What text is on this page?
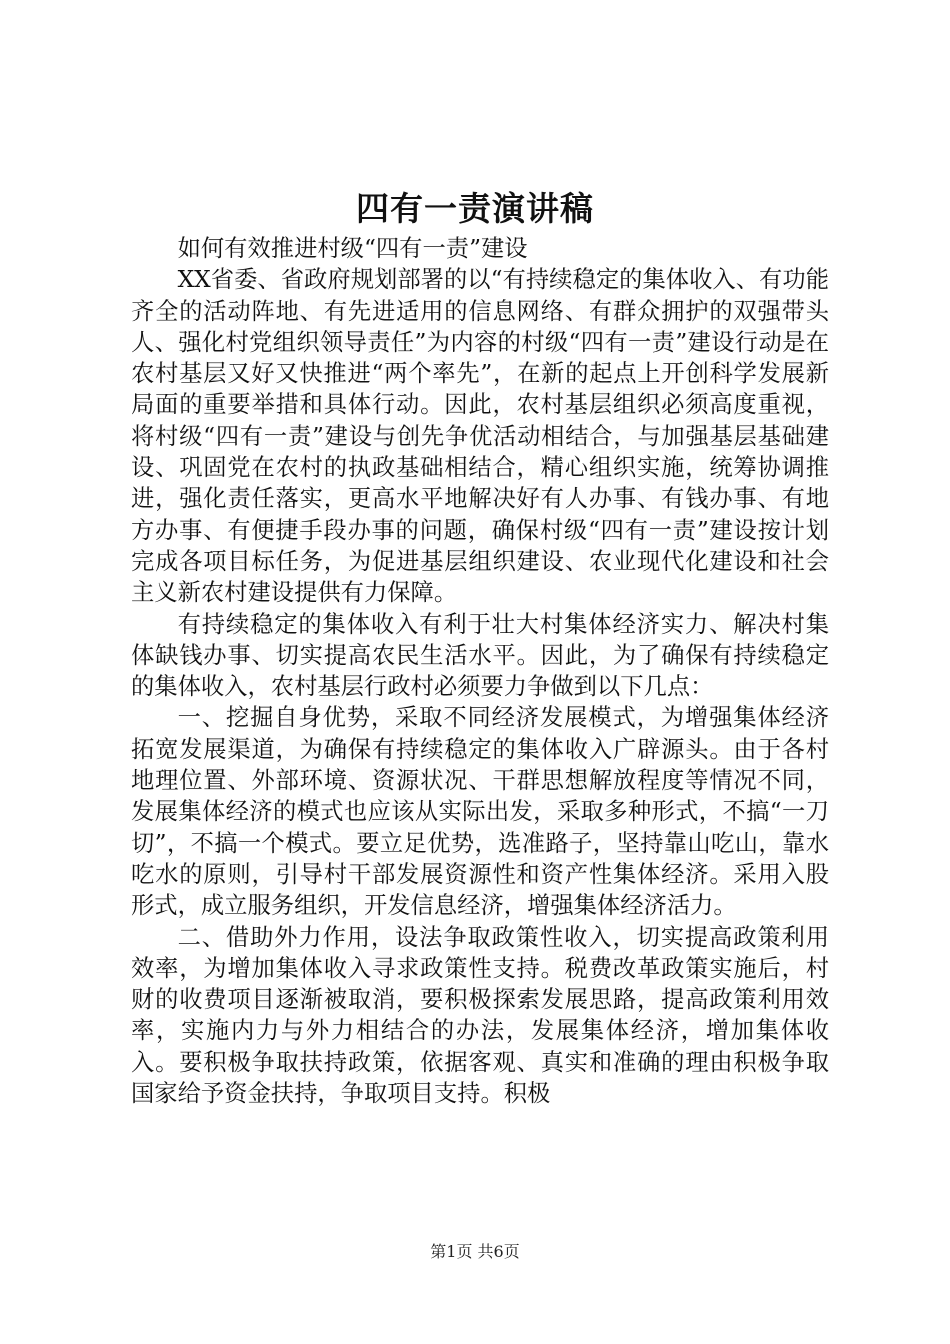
四有一责演讲稿

如何有效推进村级“四有一责”建设

XX省委、省政府规划部署的以“有持续稳定的集体收入、有功能齐全的活动阵地、有先进适用的信息网络、有群众拥护的双强带头人、强化村党组织领导责任”为内容的村级“四有一责”建设行动是在农村基层又好又快推进“两个率先”，在新的起点上开创科学发展新局面的重要举措和具体行动。因此，农村基层组织必须高度重视，将村级“四有一责”建设与创先争优活动相结合，与加强基层基础建设、巩固党在农村的执政基础相结合，精心组织实施，统筹协调推进，强化责任落实，更高水平地解决好有人办事、有钱办事、有地方办事、有便捷手段办事的问题，确保村级“四有一责”建设按计划完成各项目标任务，为促进基层组织建设、农业现代化建设和社会主义新农村建设提供有力保障。

有持续稳定的集体收入有利于壮大村集体经济实力、解决村集体缺钱办事、切实提高农民生活水平。因此，为了确保有持续稳定的集体收入，农村基层行政村必须要力争做到以下几点：

一、挖掘自身优势，采取不同经济发展模式，为增强集体经济拓宽发展渠道，为确保有持续稳定的集体收入广辟源头。由于各村地理位置、外部环境、资源状况、干群思想解放程度等情况不同，发展集体经济的模式也应该从实际出发，采取多种形式，不搞“一刀切”，不搞一个模式。要立足优势，选准路子，坚持靠山吃山，靠水吃水的原则，引导村干部发展资源性和资产性集体经济。采用入股形式，成立服务组织，开发信息经济，增强集体经济活力。

二、借助外力作用，设法争取政策性收入，切实提高政策利用效率，为增加集体收入寻求政策性支持。税费改革政策实施后，村财的收费项目逐渐被取消，要积极探索发展思路，提高政策利用效率，实施内力与外力相结合的办法，发展集体经济，增加集体收入。要积极争取扶持政策，依据客观、真实和准确的理由积极争取国家给予资金扶持，争取项目支持。积极

第1页 共6页
